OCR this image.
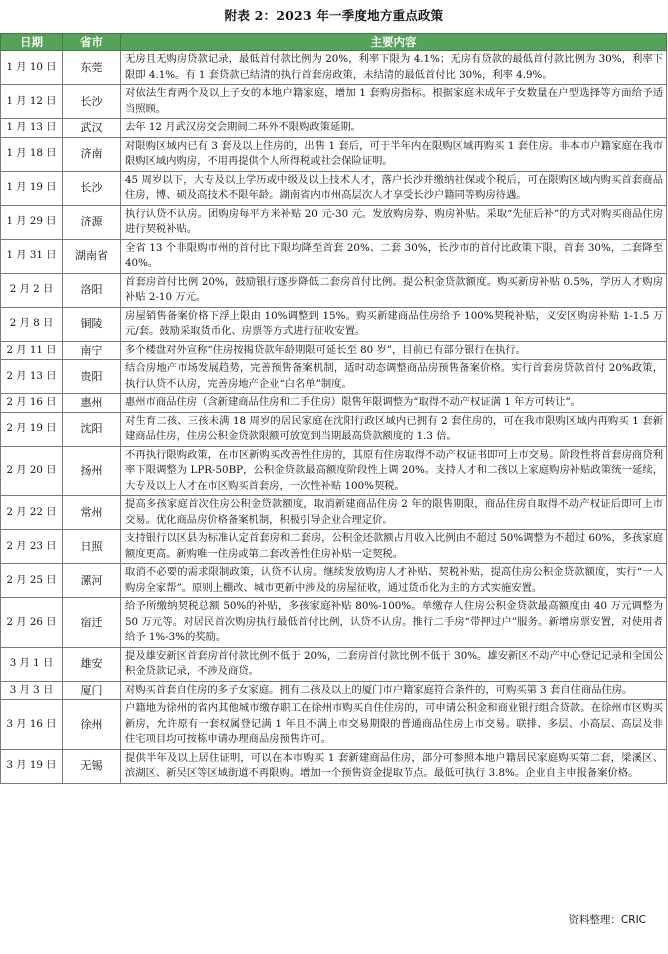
附表 2：2023 年一季度地方重点政策
日期	省市	主要内容
1 月 10 日	东莞	无房且无购房贷款记录，最低首付款比例为 20%，利率下限为 4.1%；无房有贷款的最低首付款比例为 30%，利率下限即 4.1%。有 1 套贷款已结清的执行首套房政策，未结清的最低首付比 30%，利率 4.9%。
1 月 12 日	长沙	对依法生育两个及以上子女的本地户籍家庭，增加 1 套购房指标。根据家庭未成年子女数量在户型选择等方面给予适当照顾。
1 月 13 日	武汉	去年 12 月武汉房交会期间二环外不限购政策延期。
1 月 18 日	济南	对限购区域内已有 3 套及以上住房的，出售 1 套后，可于半年内在限购区域再购买 1 套住房。非本市户籍家庭在我市限购区域内购房，不用再提供个人所得税或社会保险证明。
1 月 19 日	长沙	45 周岁以下，大专及以上学历或中级及以上技术人才，落户长沙并缴纳社保或个税后，可在限购区域内购买首套商品住房，博、硕及高技术不限年龄。湖南省内市州高层次人才享受长沙户籍同等购房待遇。
1 月 29 日	济源	执行认贷不认房。团购房每平方米补贴 20 元-30 元。发放购房券、购房补贴。采取“先征后补”的方式对购买商品住房进行契税补贴。
1 月 31 日	湖南省	全省 13 个非限购市州的首付比下限均降至首套 20%、二套 30%，长沙市的首付比政策下限，首套 30%，二套降至 40%。
2 月 2 日	洛阳	首套房首付比例 20%，鼓励银行逐步降低二套房首付比例。提公积金贷款额度。购买新房补贴 0.5%，学历人才购房补贴 2-10 万元。
2 月 8 日	铜陵	房屋销售备案价格下浮上限由 10%调整到 15%。购买新建商品住房给予 100%契税补贴，义安区购房补贴 1-1.5 万元/套。鼓励采取货币化、房票等方式进行征收安置。
2 月 11 日	南宁	多个楼盘对外宣称“住房按揭贷款年龄期限可延长至 80 岁”，目前已有部分银行在执行。
2 月 13 日	贵阳	结合房地产市场发展趋势，完善预售备案机制，适时动态调整商品房预售备案价格。实行首套房贷款首付 20%政策，执行认贷不认房，完善房地产企业“白名单”制度。
2 月 16 日	惠州	惠州市商品住房（含新建商品住房和二手住房）限售年限调整为“取得不动产权证满 1 年方可转让”。
2 月 19 日	沈阳	对生育二孩、三孩未满 18 周岁的居民家庭在沈阳行政区域内已拥有 2 套住房的，可在我市限购区域内再购买 1 套新建商品住房，住房公积金贷款限额可放宽到当期最高贷款额度的 1.3 倍。
2 月 20 日	扬州	不再执行限购政策，在市区新购买改善性住房的，其原有住房取得不动产权证书即可上市交易。阶段性将首套房商贷利率下限调整为 LPR-50BP，公积金贷款最高额度阶段性上调 20%。支持人才和二孩以上家庭购房补贴政策统一延续，大专及以上人才在市区购买首套房，一次性补贴 100%契税。
2 月 22 日	常州	提高多孩家庭首次住房公积金贷款额度，取消新建商品住房 2 年的限售期限，商品住房自取得不动产权证后即可上市交易。优化商品房价格备案机制，积极引导企业合理定价。
2 月 23 日	日照	支持银行以区县为标准认定首套房和二套房，公积金还款额占月收入比例由不超过 50%调整为不超过 60%，多孩家庭额度更高。新购唯一住房或第二套改善性住房补贴一定契税。
2 月 25 日	漯河	取消不必要的需求限制政策，认贷不认房。继续发放购房人才补贴、契税补贴，提高住房公积金贷款额度，实行“一人购房全家帮”。原则上棚改、城市更新中涉及的房屋征收，通过货币化为主的方式实施安置。
2 月 26 日	宿迁	给予所缴纳契税总额 50%的补贴，多孩家庭补贴 80%-100%。单缴存人住房公积金贷款最高额度由 40 万元调整为 50 万元等。对居民首次购房执行最低首付比例，认贷不认房。推行二手房“带押过户”服务。新增房票安置，对使用者给予 1%-3%的奖励。
3 月 1 日	雄安	提及雄安新区首套房首付款比例不低于 20%，二套房首付款比例不低于 30%。雄安新区不动产中心登记记录和全国公积金贷款记录，不涉及商贷。
3 月 3 日	厦门	对购买首套自住房的多子女家庭。拥有二孩及以上的厦门市户籍家庭符合条件的，可购买第 3 套自住商品住房。
3 月 16 日	徐州	户籍地为徐州的省内其他城市缴存职工在徐州市购买自住住房的，可申请公积金和商业银行组合贷款。在徐州市区购买新房，允许原有一套权属登记满 1 年且不满上市交易期限的普通商品住房上市交易。联排、多层、小高层、高层及非住宅项目均可按栋申请办理商品房预售许可。
3 月 19 日	无锡	提供半年及以上居住证明，可以在本市购买 1 套新建商品住房，部分可参照本地户籍居民家庭购买第二套，梁溪区、滨湖区、新吴区等区域街道不再限购。增加一个预售资金提取节点。最低可执行 3.8%。企业自主申报备案价格。
资料整理：CRIC
